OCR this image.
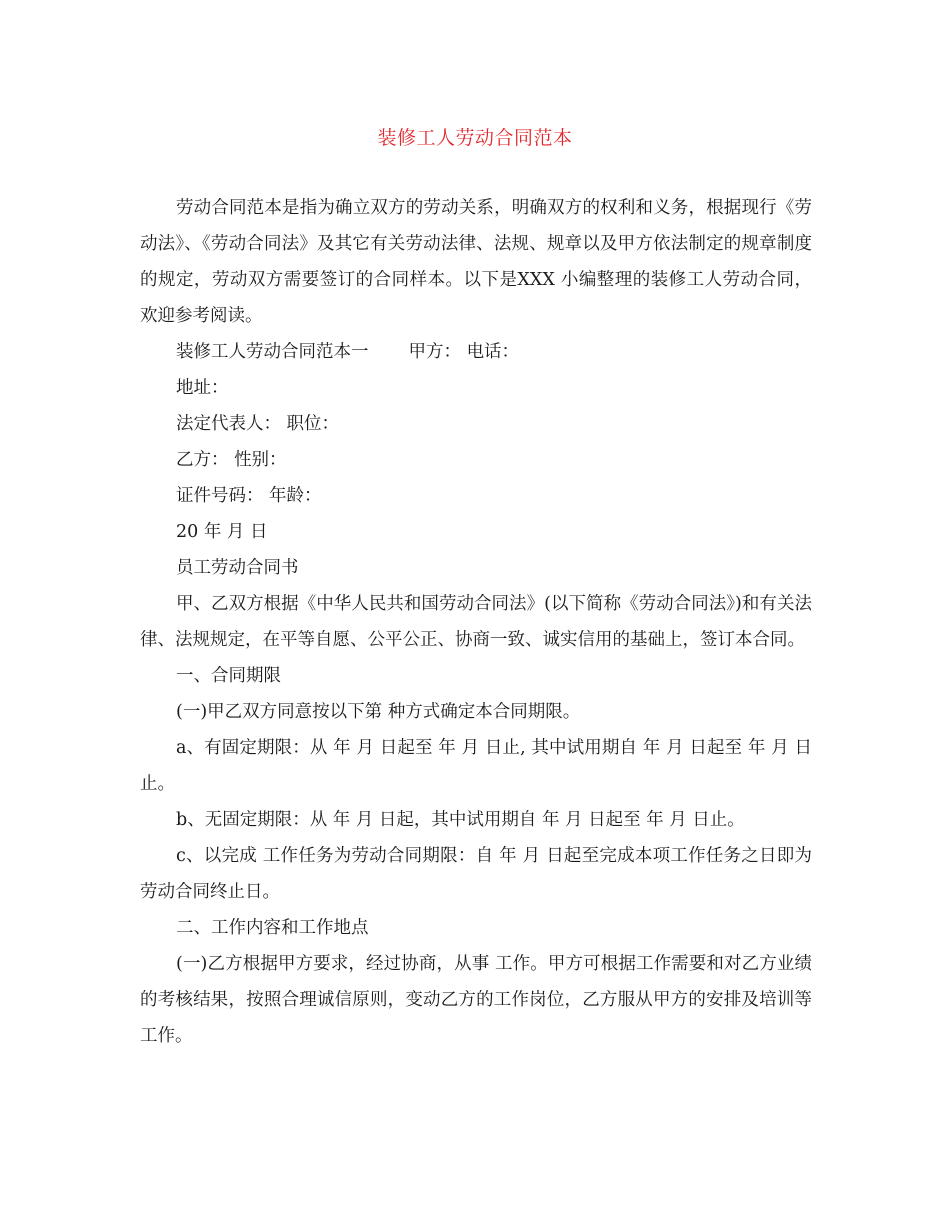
装修工人劳动合同范本

劳动合同范本是指为确立双方的劳动关系，明确双方的权利和义务，根据现行《劳动法》、《劳动合同法》及其它有关劳动法律、法规、规章以及甲方依法制定的规章制度的规定，劳动双方需要签订的合同样本。以下是XXX 小编整理的装修工人劳动合同，欢迎参考阅读。

装修工人劳动合同范本一 甲方： 电话：

地址：

法定代表人： 职位：

乙方： 性别：

证件号码： 年龄：

20 年 月 日

员工劳动合同书

甲、乙双方根据《中华人民共和国劳动合同法》(以下简称《劳动合同法》)和有关法律、法规规定，在平等自愿、公平公正、协商一致、诚实信用的基础上，签订本合同。

一、合同期限

(一)甲乙双方同意按以下第 种方式确定本合同期限。

a、有固定期限：从 年 月 日起至 年 月 日止, 其中试用期自 年 月 日起至 年 月 日止。

b、无固定期限：从 年 月 日起，其中试用期自 年 月 日起至 年 月 日止。

c、以完成 工作任务为劳动合同期限：自 年 月 日起至完成本项工作任务之日即为劳动合同终止日。

二、工作内容和工作地点

(一)乙方根据甲方要求，经过协商，从事 工作。甲方可根据工作需要和对乙方业绩的考核结果，按照合理诚信原则，变动乙方的工作岗位，乙方服从甲方的安排及培训等工作。
